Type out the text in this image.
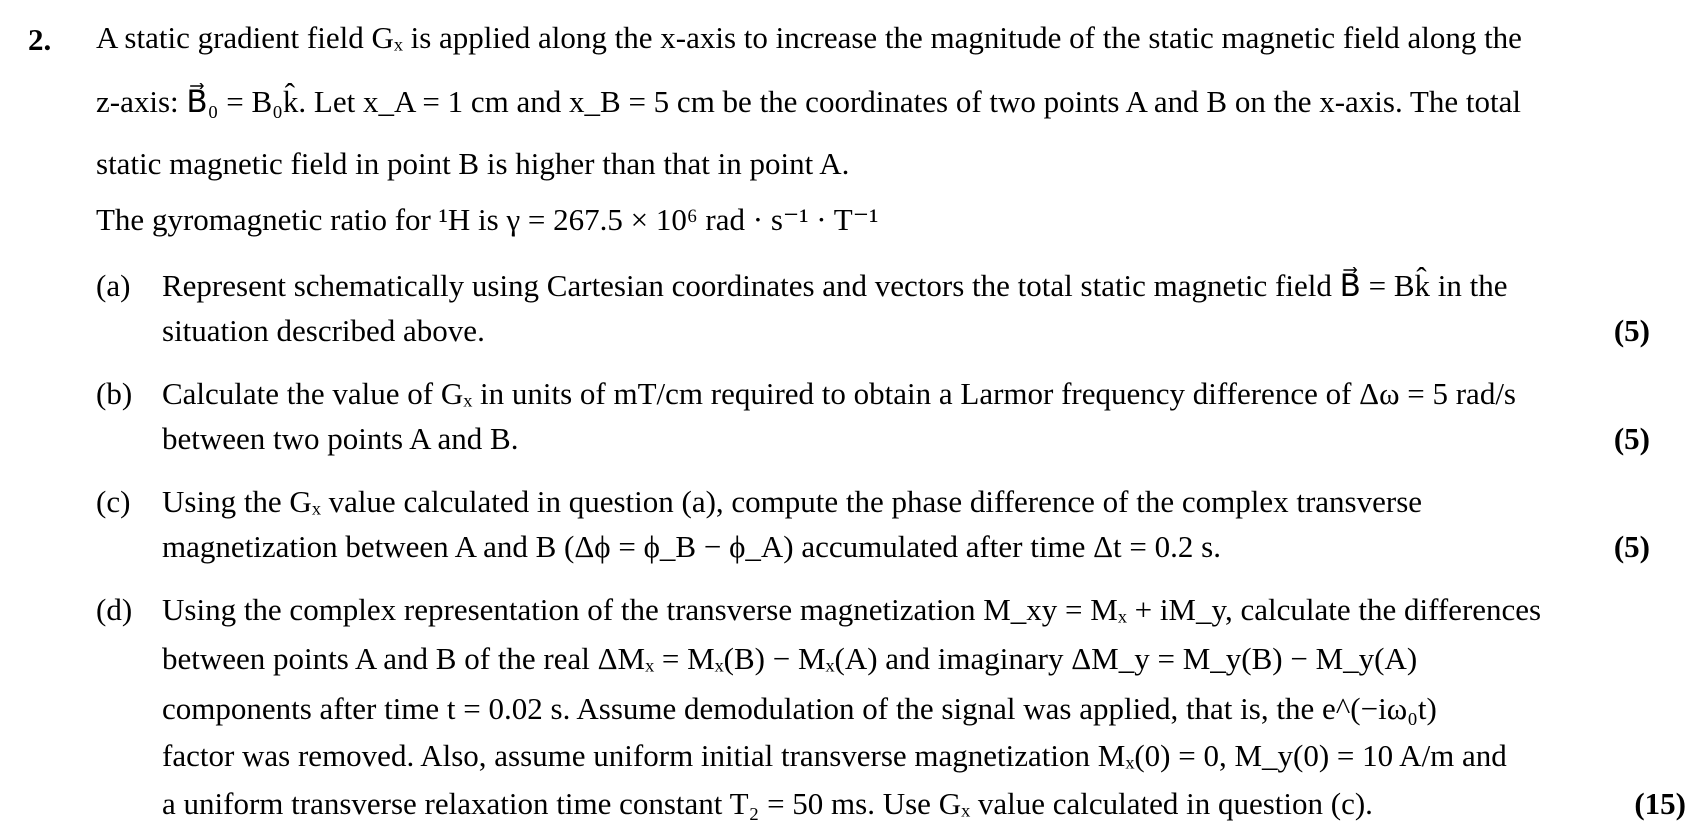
2. A static gradient field Gₓ is applied along the x-axis to increase the magnitude of the static magnetic field along the
z-axis: B⃗₀ = B₀k̂. Let x_A = 1 cm and x_B = 5 cm be the coordinates of two points A and B on the x-axis. The total
static magnetic field in point B is higher than that in point A.
The gyromagnetic ratio for ¹H is γ = 267.5 × 10⁶ rad · s⁻¹ · T⁻¹
(a) Represent schematically using Cartesian coordinates and vectors the total static magnetic field B⃗ = Bk̂ in the
situation described above.	(5)
(b) Calculate the value of Gₓ in units of mT/cm required to obtain a Larmor frequency difference of Δω = 5 rad/s
between two points A and B.	(5)
(c) Using the Gₓ value calculated in question (a), compute the phase difference of the complex transverse
magnetization between A and B (Δϕ = ϕ_B − ϕ_A) accumulated after time Δt = 0.2 s.	(5)
(d) Using the complex representation of the transverse magnetization M_xy = Mₓ + iM_y, calculate the differences
between points A and B of the real ΔMₓ = Mₓ(B) − Mₓ(A) and imaginary ΔM_y = M_y(B) − M_y(A)
components after time t = 0.02 s. Assume demodulation of the signal was applied, that is, the e^(−iω₀t)
factor was removed. Also, assume uniform initial transverse magnetization Mₓ(0) = 0, M_y(0) = 10 A/m and
a uniform transverse relaxation time constant T₂ = 50 ms. Use Gₓ value calculated in question (c).	(15)
